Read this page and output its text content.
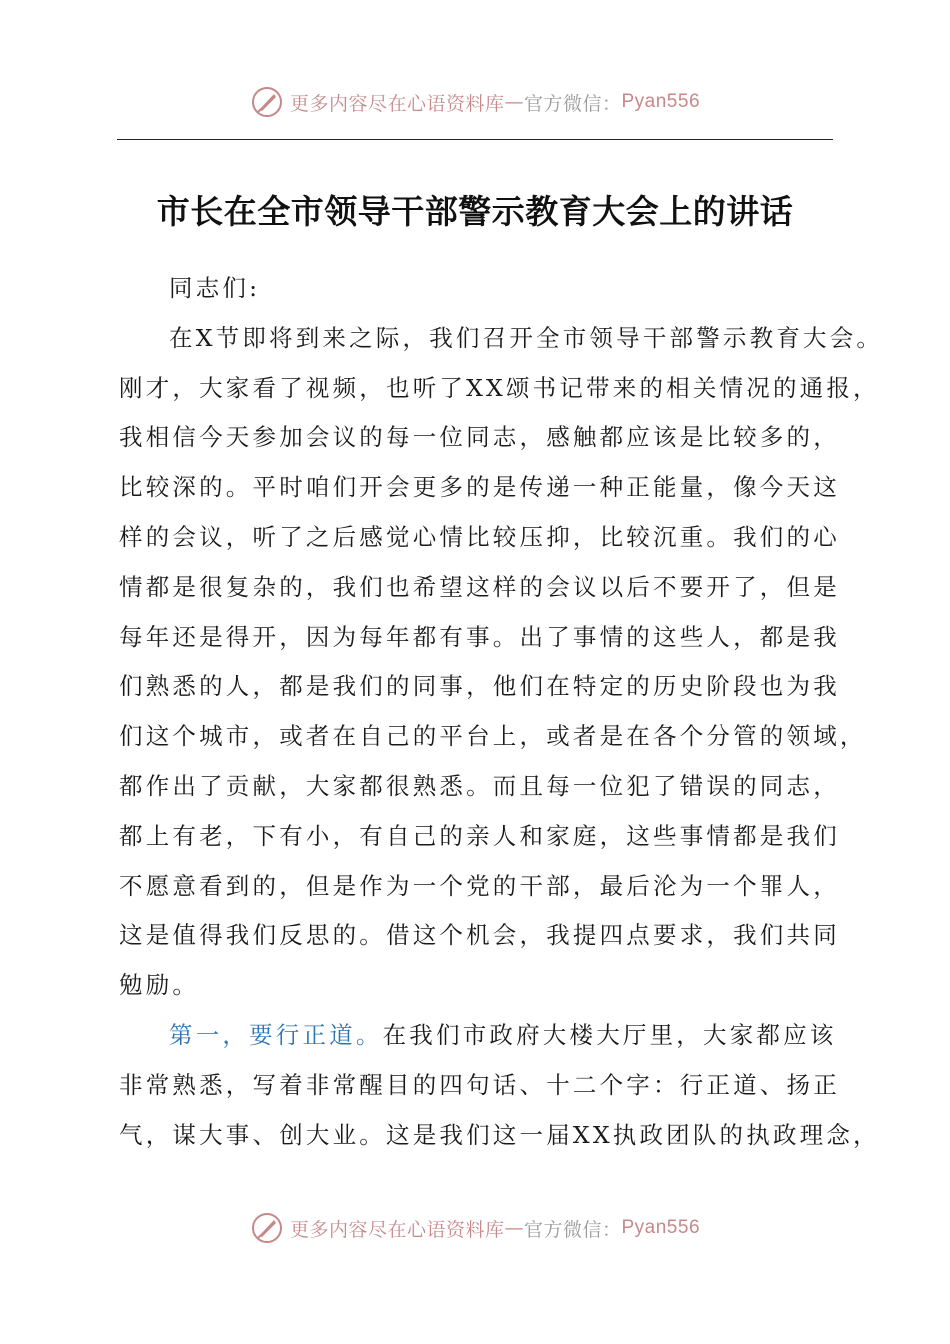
更多内容尽在心语资料库 — 官方微信： Pyan556
市长在全市领导干部警示教育大会上的讲话
同志们:
在X节即将到来之际，我们召开全市领导干部警示教育大会。
刚才，大家看了视频，也听了XX颂书记带来的相关情况的通报，
我相信今天参加会议的每一位同志，感触都应该是比较多的，
比较深的。平时咱们开会更多的是传递一种正能量，像今天这
样的会议，听了之后感觉心情比较压抑，比较沉重。我们的心
情都是很复杂的，我们也希望这样的会议以后不要开了，但是
每年还是得开，因为每年都有事。出了事情的这些人，都是我
们熟悉的人，都是我们的同事，他们在特定的历史阶段也为我
们这个城市，或者在自己的平台上，或者是在各个分管的领域，
都作出了贡献，大家都很熟悉。而且每一位犯了错误的同志，
都上有老，下有小，有自己的亲人和家庭，这些事情都是我们
不愿意看到的，但是作为一个党的干部，最后沦为一个罪人，
这是值得我们反思的。借这个机会，我提四点要求，我们共同
勉励。
第一，要行正道。在我们市政府大楼大厅里，大家都应该
非常熟悉，写着非常醒目的四句话、十二个字：行正道、扬正
气，谋大事、创大业。这是我们这一届XX执政团队的执政理念，
更多内容尽在心语资料库 — 官方微信： Pyan556
